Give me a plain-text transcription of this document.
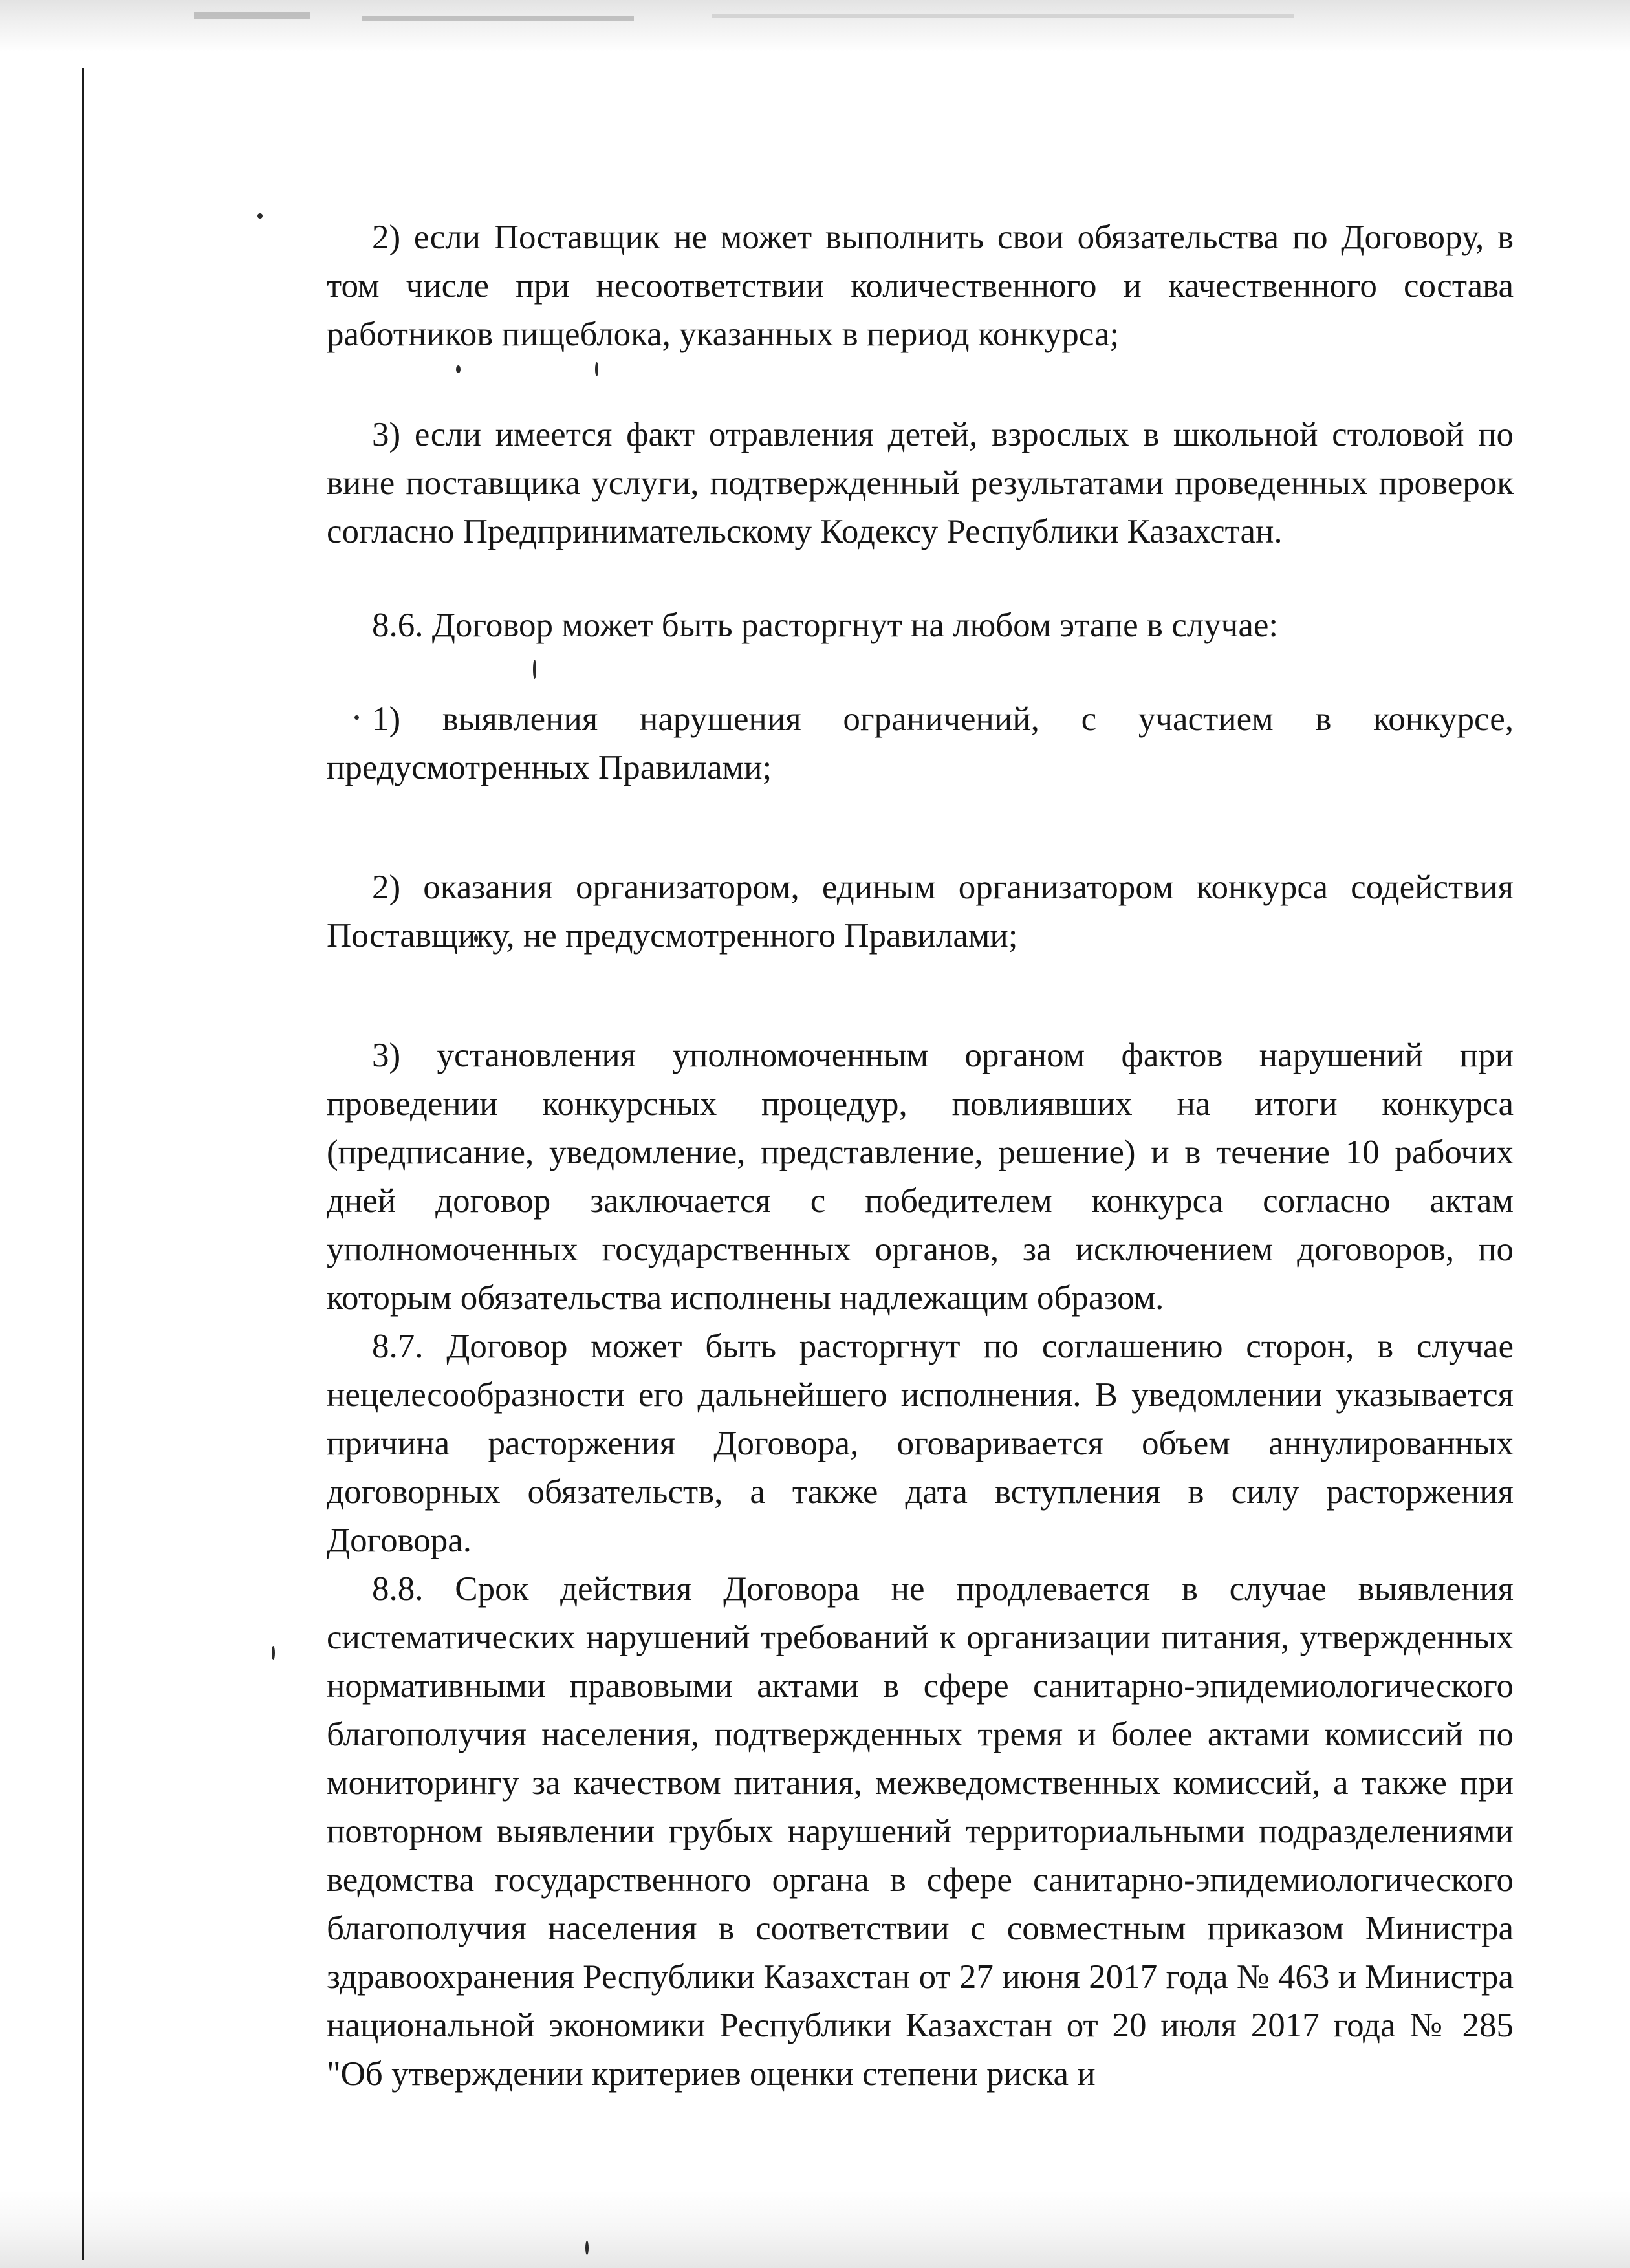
2) если Поставщик не может выполнить свои обязательства по Договору, в том числе при несоответствии количественного и качественного состава работников пищеблока, указанных в период конкурса;

3) если имеется факт отравления детей, взрослых в школьной столовой по вине поставщика услуги, подтвержденный результатами проведенных проверок согласно Предпринимательскому Кодексу Республики Казахстан.

8.6. Договор может быть расторгнут на любом этапе в случае:

1) выявления нарушения ограничений, с участием в конкурсе, предусмотренных Правилами;

2) оказания организатором, единым организатором конкурса содействия Поставщику, не предусмотренного Правилами;

3) установления уполномоченным органом фактов нарушений при проведении конкурсных процедур, повлиявших на итоги конкурса (предписание, уведомление, представление, решение) и в течение 10 рабочих дней договор заключается с победителем конкурса согласно актам уполномоченных государственных органов, за исключением договоров, по которым обязательства исполнены надлежащим образом.

8.7. Договор может быть расторгнут по соглашению сторон, в случае нецелесообразности его дальнейшего исполнения. В уведомлении указывается причина расторжения Договора, оговаривается объем аннулированных договорных обязательств, а также дата вступления в силу расторжения Договора.

8.8. Срок действия Договора не продлевается в случае выявления систематических нарушений требований к организации питания, утвержденных нормативными правовыми актами в сфере санитарно-эпидемиологического благополучия населения, подтвержденных тремя и более актами комиссий по мониторингу за качеством питания, межведомственных комиссий, а также при повторном выявлении грубых нарушений территориальными подразделениями ведомства государственного органа в сфере санитарно-эпидемиологического благополучия населения в соответствии с совместным приказом Министра здравоохранения Республики Казахстан от 27 июня 2017 года № 463 и Министра национальной экономики Республики Казахстан от 20 июля 2017 года № 285 "Об утверждении критериев оценки степени риска и
